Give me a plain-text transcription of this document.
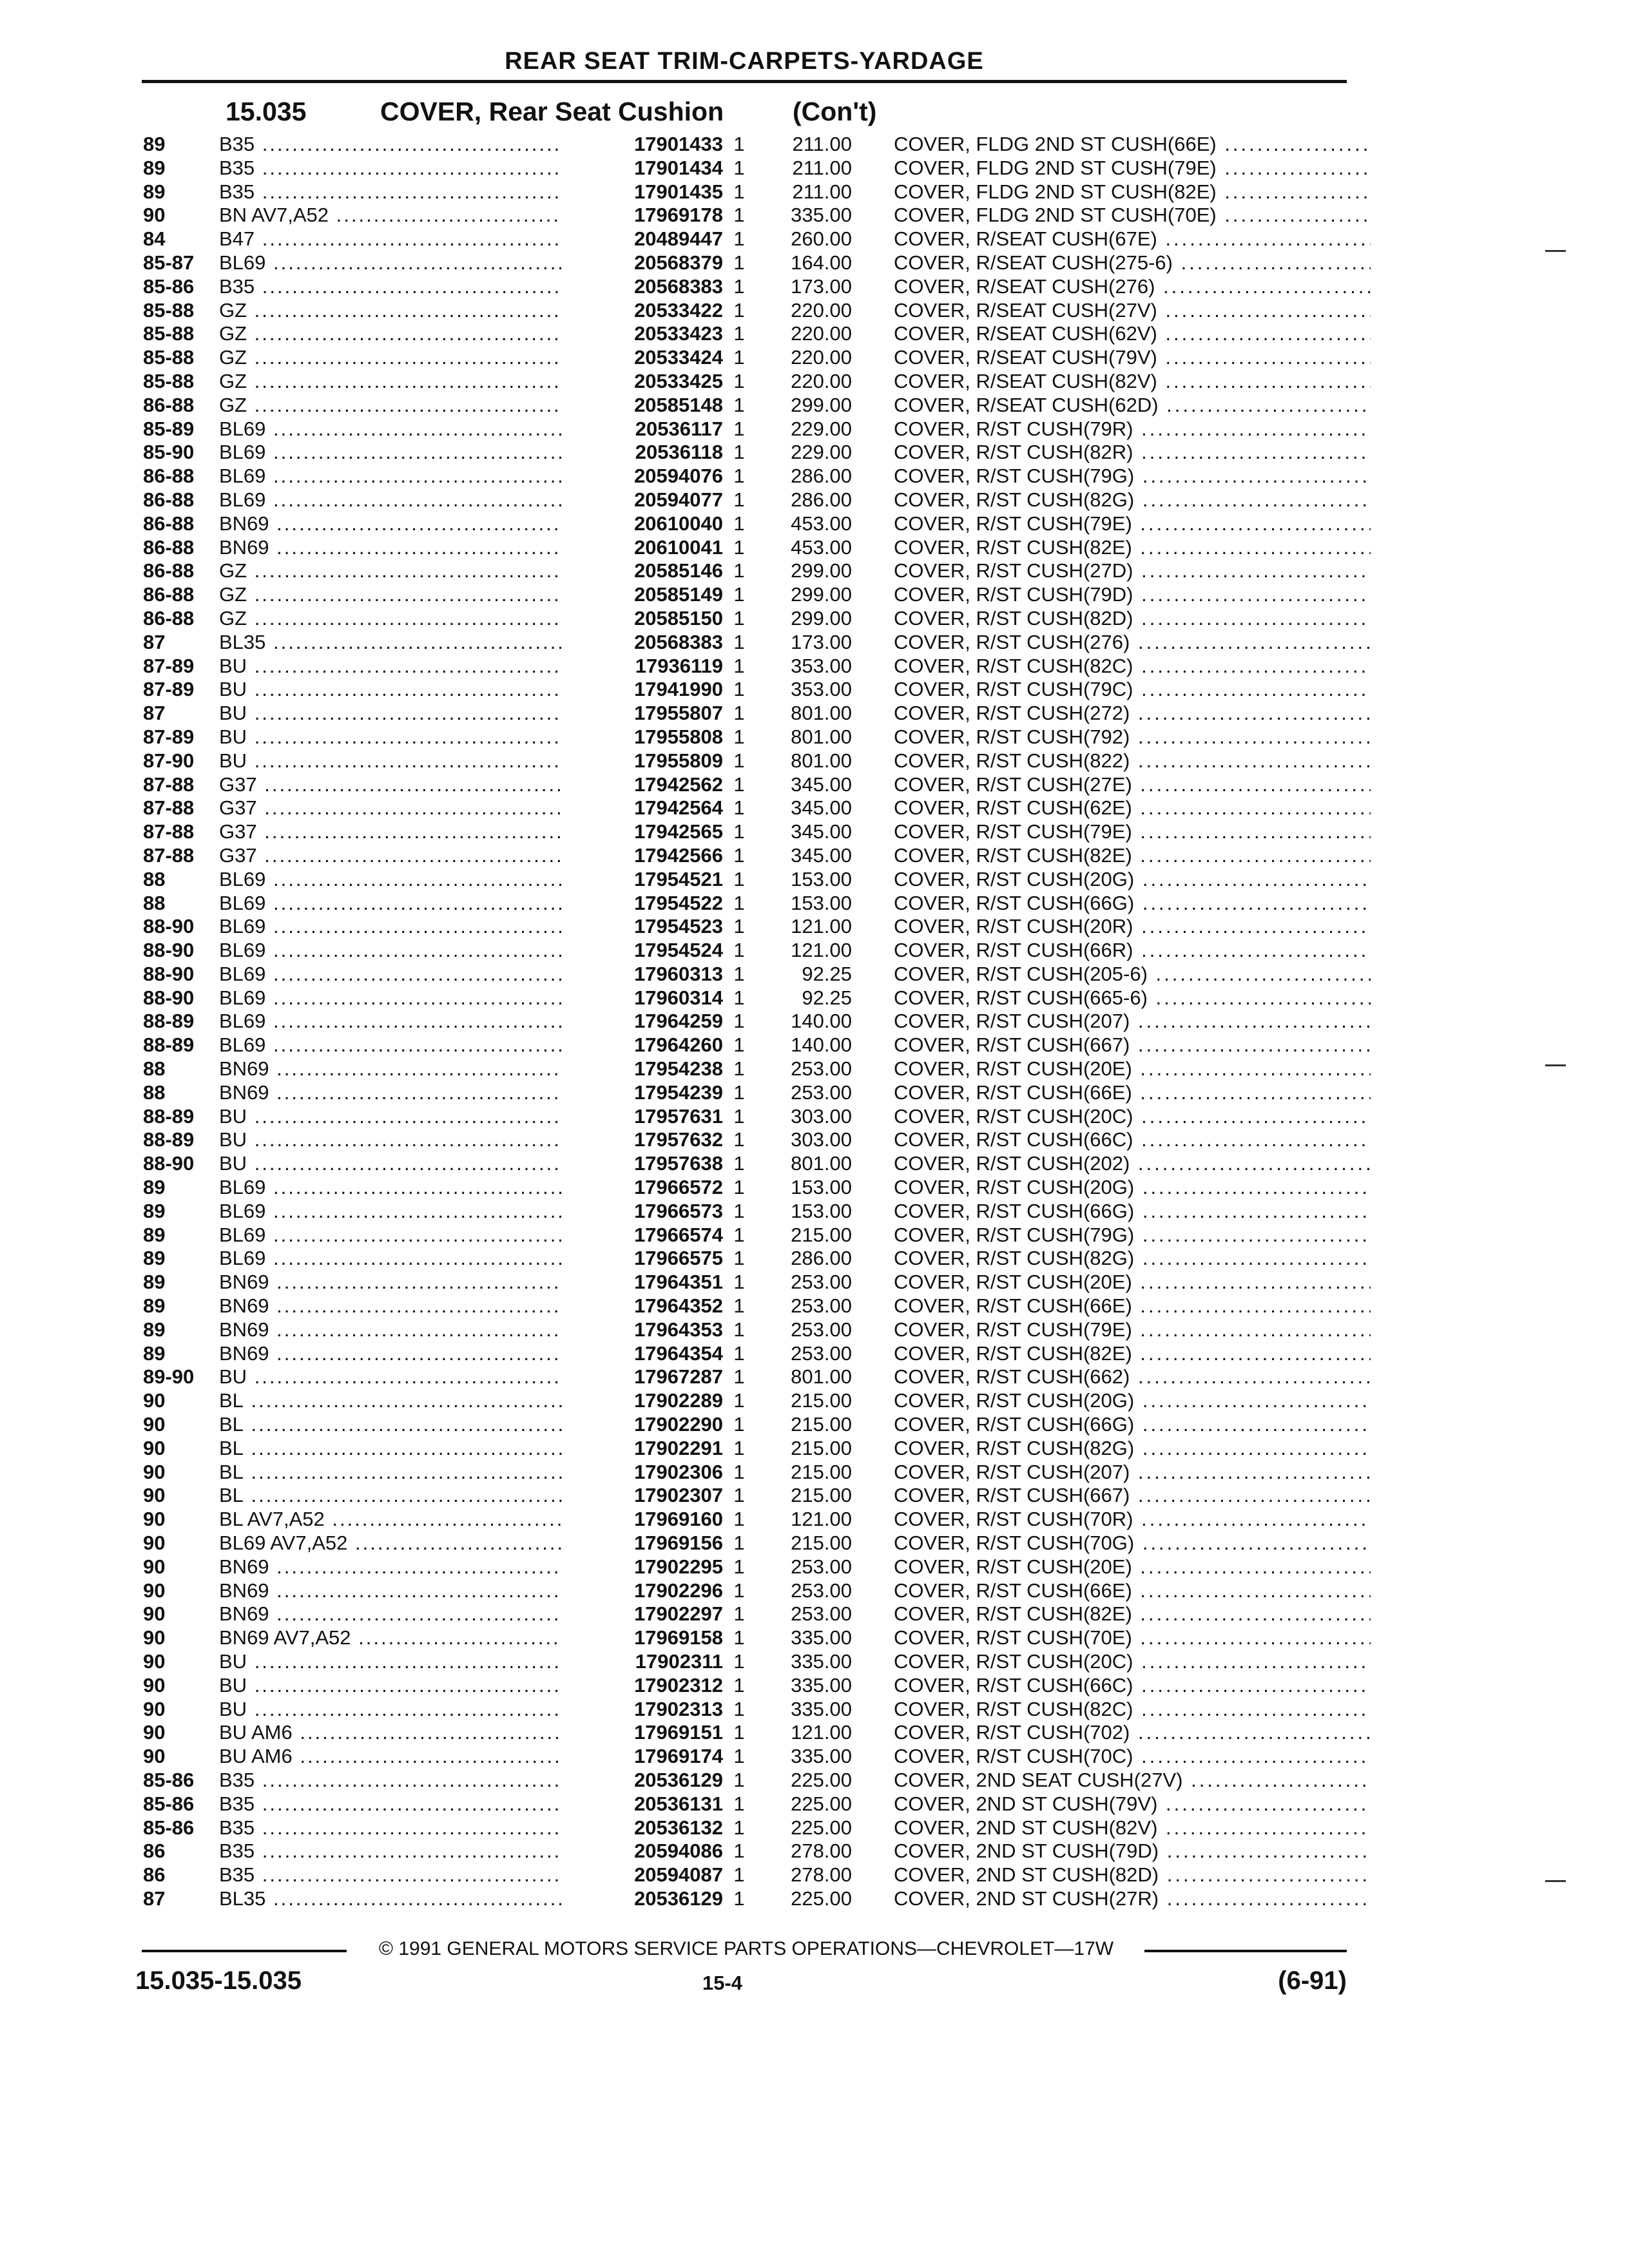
REAR SEAT TRIM-CARPETS-YARDAGE
15.035	COVER, Rear Seat Cushion	(Con't)
89	B35 .....	17901433 1	211.00 COVER, FLDG 2ND ST CUSH(66E) .....
89	B35 .....	17901434 1	211.00 COVER, FLDG 2ND ST CUSH(79E) .....
89	B35 .....	17901435 1	211.00 COVER, FLDG 2ND ST CUSH(82E) .....
90	BN AV7,A52 .....	17969178 1	335.00 COVER, FLDG 2ND ST CUSH(70E) .....
84	B47 .....	20489447 1	260.00 COVER, R/SEAT CUSH(67E) .....
85-87	BL69 .....	20568379 1	164.00 COVER, R/SEAT CUSH(275-6) .....
85-86	B35 .....	20568383 1	173.00 COVER, R/SEAT CUSH(276) .....
85-88	GZ .....	20533422 1	220.00 COVER, R/SEAT CUSH(27V) .....
85-88	GZ .....	20533423 1	220.00 COVER, R/SEAT CUSH(62V) .....
85-88	GZ .....	20533424 1	220.00 COVER, R/SEAT CUSH(79V) .....
85-88	GZ .....	20533425 1	220.00 COVER, R/SEAT CUSH(82V) .....
86-88	GZ .....	20585148 1	299.00 COVER, R/SEAT CUSH(62D) .....
85-89	BL69 .....	20536117 1	229.00 COVER, R/ST CUSH(79R) .....
85-90	BL69 .....	20536118 1	229.00 COVER, R/ST CUSH(82R) .....
86-88	BL69 .....	20594076 1	286.00 COVER, R/ST CUSH(79G) .....
86-88	BL69 .....	20594077 1	286.00 COVER, R/ST CUSH(82G) .....
86-88	BN69 .....	20610040 1	453.00 COVER, R/ST CUSH(79E) .....
86-88	BN69 .....	20610041 1	453.00 COVER, R/ST CUSH(82E) .....
86-88	GZ .....	20585146 1	299.00 COVER, R/ST CUSH(27D) .....
86-88	GZ .....	20585149 1	299.00 COVER, R/ST CUSH(79D) .....
86-88	GZ .....	20585150 1	299.00 COVER, R/ST CUSH(82D) .....
87	BL35 .....	20568383 1	173.00 COVER, R/ST CUSH(276) .....
87-89	BU .....	17936119 1	353.00 COVER, R/ST CUSH(82C) .....
87-89	BU .....	17941990 1	353.00 COVER, R/ST CUSH(79C) .....
87	BU .....	17955807 1	801.00 COVER, R/ST CUSH(272) .....
87-89	BU .....	17955808 1	801.00 COVER, R/ST CUSH(792) .....
87-90	BU .....	17955809 1	801.00 COVER, R/ST CUSH(822) .....
87-88	G37 .....	17942562 1	345.00 COVER, R/ST CUSH(27E) .....
87-88	G37 .....	17942564 1	345.00 COVER, R/ST CUSH(62E) .....
87-88	G37 .....	17942565 1	345.00 COVER, R/ST CUSH(79E) .....
87-88	G37 .....	17942566 1	345.00 COVER, R/ST CUSH(82E) .....
88	BL69 .....	17954521 1	153.00 COVER, R/ST CUSH(20G) .....
88	BL69 .....	17954522 1	153.00 COVER, R/ST CUSH(66G) .....
88-90	BL69 .....	17954523 1	121.00 COVER, R/ST CUSH(20R) .....
88-90	BL69 .....	17954524 1	121.00 COVER, R/ST CUSH(66R) .....
88-90	BL69 .....	17960313 1	92.25 COVER, R/ST CUSH(205-6) .....
88-90	BL69 .....	17960314 1	92.25 COVER, R/ST CUSH(665-6) .....
88-89	BL69 .....	17964259 1	140.00 COVER, R/ST CUSH(207) .....
88-89	BL69 .....	17964260 1	140.00 COVER, R/ST CUSH(667) .....
88	BN69 .....	17954238 1	253.00 COVER, R/ST CUSH(20E) .....
88	BN69 .....	17954239 1	253.00 COVER, R/ST CUSH(66E) .....
88-89	BU .....	17957631 1	303.00 COVER, R/ST CUSH(20C) .....
88-89	BU .....	17957632 1	303.00 COVER, R/ST CUSH(66C) .....
88-90	BU .....	17957638 1	801.00 COVER, R/ST CUSH(202) .....
89	BL69 .....	17966572 1	153.00 COVER, R/ST CUSH(20G) .....
89	BL69 .....	17966573 1	153.00 COVER, R/ST CUSH(66G) .....
89	BL69 .....	17966574 1	215.00 COVER, R/ST CUSH(79G) .....
89	BL69 .....	17966575 1	286.00 COVER, R/ST CUSH(82G) .....
89	BN69 .....	17964351 1	253.00 COVER, R/ST CUSH(20E) .....
89	BN69 .....	17964352 1	253.00 COVER, R/ST CUSH(66E) .....
89	BN69 .....	17964353 1	253.00 COVER, R/ST CUSH(79E) .....
89	BN69 .....	17964354 1	253.00 COVER, R/ST CUSH(82E) .....
89-90	BU .....	17967287 1	801.00 COVER, R/ST CUSH(662) .....
90	BL .....	17902289 1	215.00 COVER, R/ST CUSH(20G) .....
90	BL .....	17902290 1	215.00 COVER, R/ST CUSH(66G) .....
90	BL .....	17902291 1	215.00 COVER, R/ST CUSH(82G) .....
90	BL .....	17902306 1	215.00 COVER, R/ST CUSH(207) .....
90	BL .....	17902307 1	215.00 COVER, R/ST CUSH(667) .....
90	BL AV7,A52 .....	17969160 1	121.00 COVER, R/ST CUSH(70R) .....
90	BL69 AV7,A52 .....	17969156 1	215.00 COVER, R/ST CUSH(70G) .....
90	BN69 .....	17902295 1	253.00 COVER, R/ST CUSH(20E) .....
90	BN69 .....	17902296 1	253.00 COVER, R/ST CUSH(66E) .....
90	BN69 .....	17902297 1	253.00 COVER, R/ST CUSH(82E) .....
90	BN69 AV7,A52 .....	17969158 1	335.00 COVER, R/ST CUSH(70E) .....
90	BU .....	17902311 1	335.00 COVER, R/ST CUSH(20C) .....
90	BU .....	17902312 1	335.00 COVER, R/ST CUSH(66C) .....
90	BU .....	17902313 1	335.00 COVER, R/ST CUSH(82C) .....
90	BU AM6 .....	17969151 1	121.00 COVER, R/ST CUSH(702) .....
90	BU AM6 .....	17969174 1	335.00 COVER, R/ST CUSH(70C) .....
85-86	B35 .....	20536129 1	225.00 COVER, 2ND SEAT CUSH(27V) .....
85-86	B35 .....	20536131 1	225.00 COVER, 2ND ST CUSH(79V) .....
85-86	B35 .....	20536132 1	225.00 COVER, 2ND ST CUSH(82V) .....
86	B35 .....	20594086 1	278.00 COVER, 2ND ST CUSH(79D) .....
86	B35 .....	20594087 1	278.00 COVER, 2ND ST CUSH(82D) .....
87	BL35 .....	20536129 1	225.00 COVER, 2ND ST CUSH(27R) .....
© 1991 GENERAL MOTORS SERVICE PARTS OPERATIONS—CHEVROLET—17W
15.035-15.035	15-4	(6-91)
